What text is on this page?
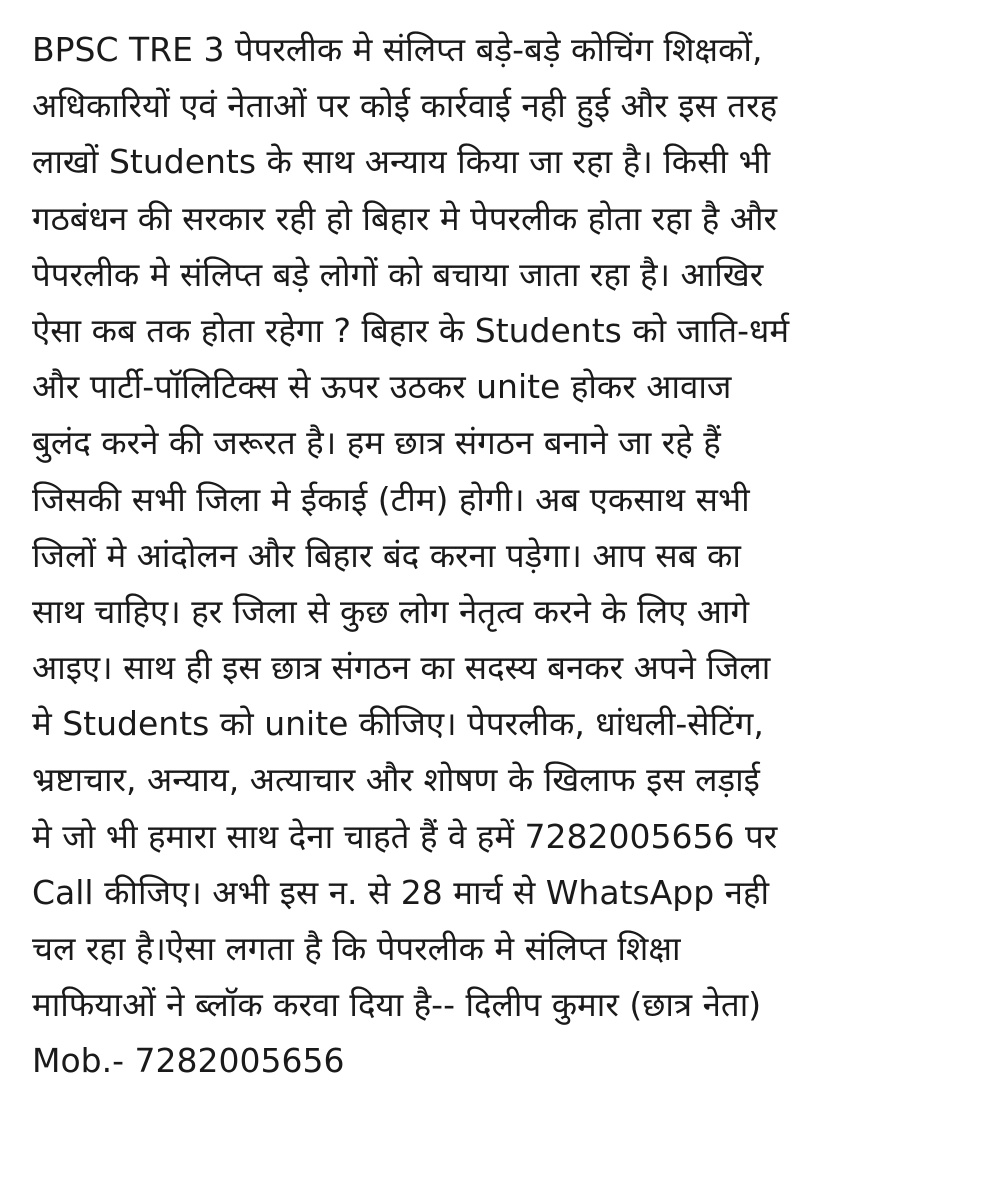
BPSC TRE 3 पेपरलीक मे संलिप्त बड़े-बड़े कोचिंग शिक्षकों,
अधिकारियों एवं नेताओं पर कोई कार्रवाई नही हुई और इस तरह
लाखों Students के साथ अन्याय किया जा रहा है। किसी भी
गठबंधन की सरकार रही हो बिहार मे पेपरलीक होता रहा है और
पेपरलीक मे संलिप्त बड़े लोगों को बचाया जाता रहा है। आखिर
ऐसा कब तक होता रहेगा ? बिहार के Students को जाति-धर्म
और पार्टी-पॉलिटिक्स से ऊपर उठकर unite होकर आवाज
बुलंद करने की जरूरत है। हम छात्र संगठन बनाने जा रहे हैं
जिसकी सभी जिला मे ईकाई (टीम) होगी। अब एकसाथ सभी
जिलों मे आंदोलन और बिहार बंद करना पड़ेगा। आप सब का
साथ चाहिए। हर जिला से कुछ लोग नेतृत्व करने के लिए आगे
आइए। साथ ही इस छात्र संगठन का सदस्य बनकर अपने जिला
मे Students को unite कीजिए। पेपरलीक, धांधली-सेटिंग,
भ्रष्टाचार, अन्याय, अत्याचार और शोषण के खिलाफ इस लड़ाई
मे जो भी हमारा साथ देना चाहते हैं वे हमें 7282005656 पर
Call कीजिए। अभी इस न. से 28 मार्च से WhatsApp नही
चल रहा है।ऐसा लगता है कि पेपरलीक मे संलिप्त शिक्षा
माफियाओं ने ब्लॉक करवा दिया है-- दिलीप कुमार (छात्र नेता)
Mob.- 7282005656
